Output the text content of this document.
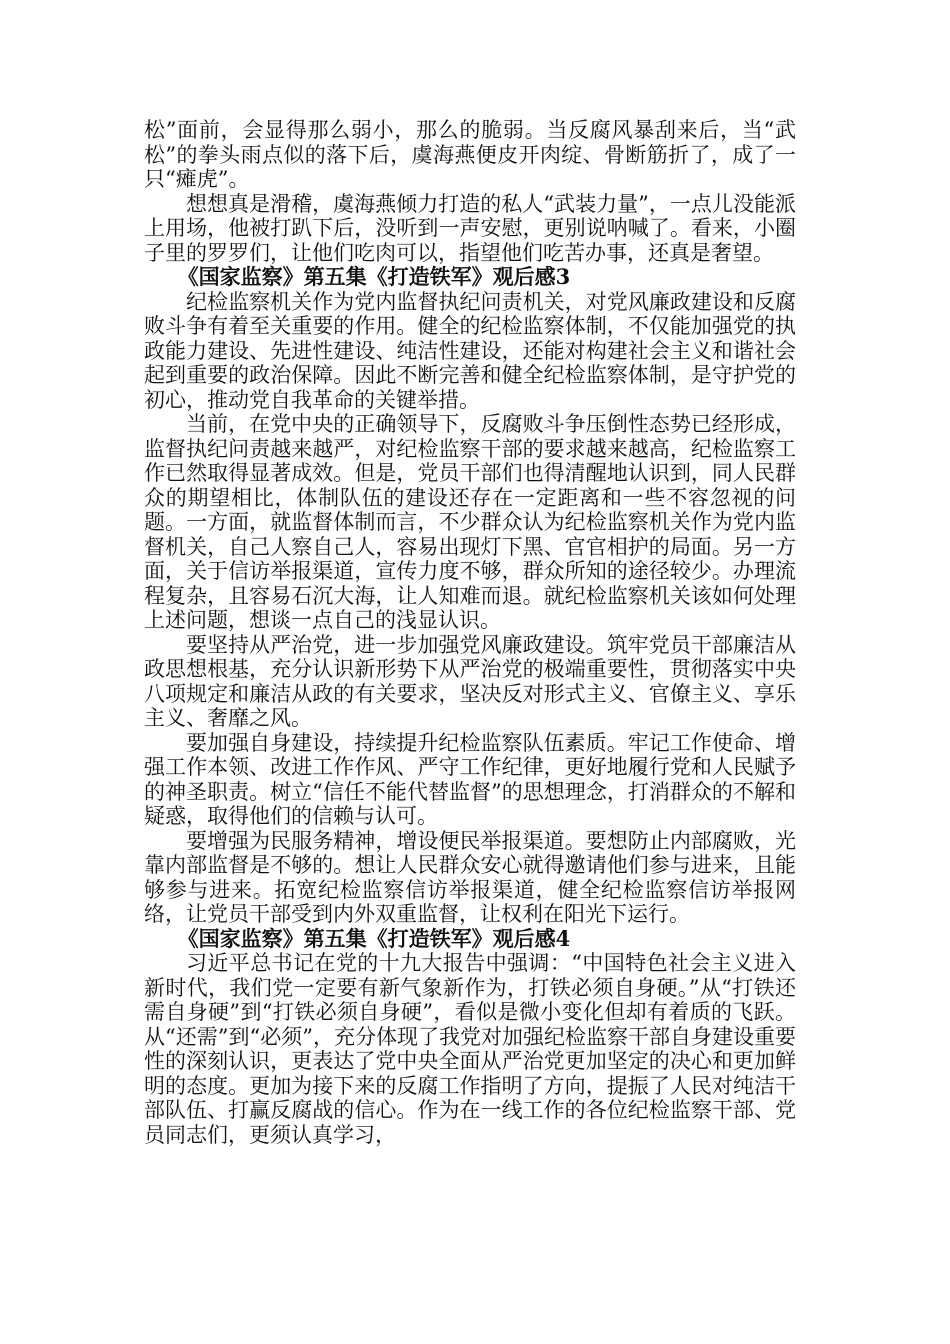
松”面前，会显得那么弱小，那么的脆弱。当反腐风暴刮来后，当“武松”的拳头雨点似的落下后，虞海燕便皮开肉绽、骨断筋折了，成了一只“瘫虎”。

想想真是滑稽，虞海燕倾力打造的私人“武装力量”，一点儿没能派上用场，他被打趴下后，没听到一声安慰，更别说呐喊了。看来，小圈子里的罗罗们，让他们吃肉可以，指望他们吃苦办事，还真是奢望。

《国家监察》第五集《打造铁军》观后感3

纪检监察机关作为党内监督执纪问责机关，对党风廉政建设和反腐败斗争有着至关重要的作用。健全的纪检监察体制，不仅能加强党的执政能力建设、先进性建设、纯洁性建设，还能对构建社会主义和谐社会起到重要的政治保障。因此不断完善和健全纪检监察体制，是守护党的初心，推动党自我革命的关键举措。

当前，在党中央的正确领导下，反腐败斗争压倒性态势已经形成，监督执纪问责越来越严，对纪检监察干部的要求越来越高，纪检监察工作已然取得显著成效。但是，党员干部们也得清醒地认识到，同人民群众的期望相比，体制队伍的建设还存在一定距离和一些不容忽视的问题。一方面，就监督体制而言，不少群众认为纪检监察机关作为党内监督机关，自己人察自己人，容易出现灯下黑、官官相护的局面。另一方面，关于信访举报渠道，宣传力度不够，群众所知的途径较少。办理流程复杂，且容易石沉大海，让人知难而退。就纪检监察机关该如何处理上述问题，想谈一点自己的浅显认识。

要坚持从严治党，进一步加强党风廉政建设。筑牢党员干部廉洁从政思想根基，充分认识新形势下从严治党的极端重要性，贯彻落实中央八项规定和廉洁从政的有关要求，坚决反对形式主义、官僚主义、享乐主义、奢靡之风。

要加强自身建设，持续提升纪检监察队伍素质。牢记工作使命、增强工作本领、改进工作作风、严守工作纪律，更好地履行党和人民赋予的神圣职责。树立“信任不能代替监督”的思想理念，打消群众的不解和疑惑，取得他们的信赖与认可。

要增强为民服务精神，增设便民举报渠道。要想防止内部腐败，光靠内部监督是不够的。想让人民群众安心就得邀请他们参与进来，且能够参与进来。拓宽纪检监察信访举报渠道，健全纪检监察信访举报网络，让党员干部受到内外双重监督，让权利在阳光下运行。

《国家监察》第五集《打造铁军》观后感4

习近平总书记在党的十九大报告中强调：“中国特色社会主义进入新时代，我们党一定要有新气象新作为，打铁必须自身硬。”从“打铁还需自身硬”到“打铁必须自身硬”，看似是微小变化但却有着质的飞跃。从“还需”到“必须”，充分体现了我党对加强纪检监察干部自身建设重要性的深刻认识，更表达了党中央全面从严治党更加坚定的决心和更加鲜明的态度。更加为接下来的反腐工作指明了方向，提振了人民对纯洁干部队伍、打赢反腐战的信心。作为在一线工作的各位纪检监察干部、党员同志们，更须认真学习，
